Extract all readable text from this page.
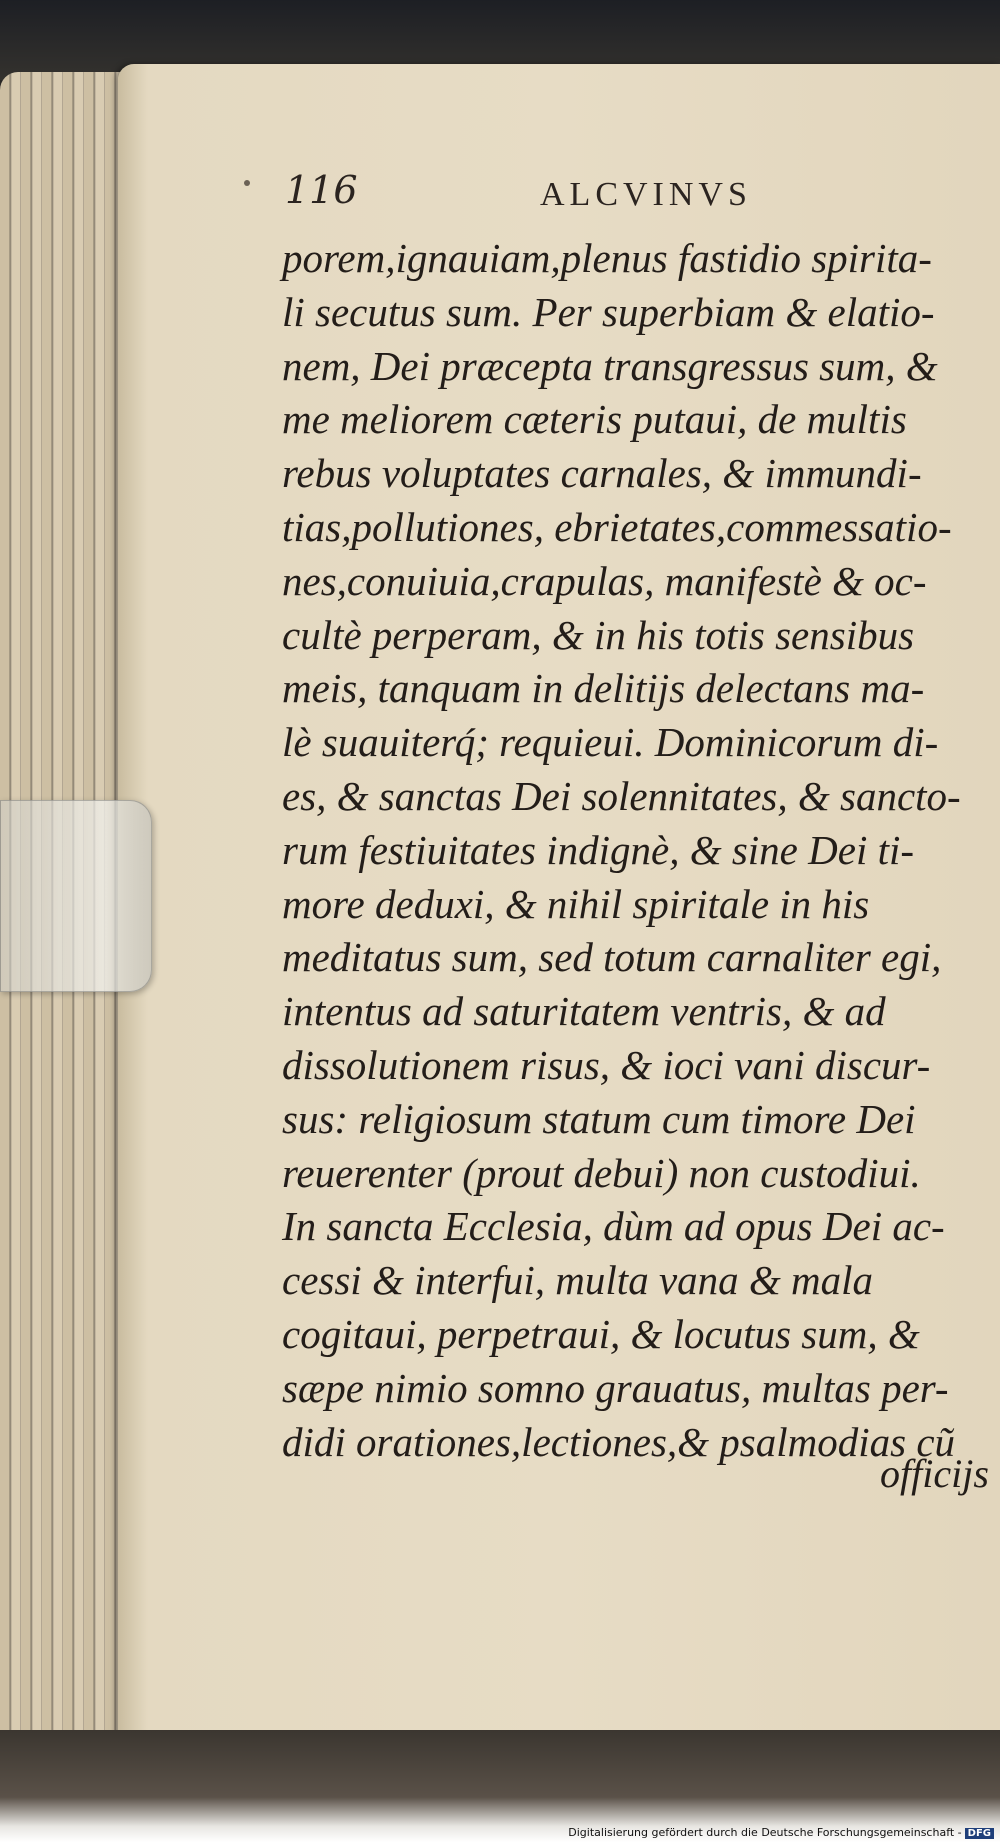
116	ALCVINVS
porem,ignauiam,plenus fastidio spirita-
li secutus sum. Per superbiam & elatio-
nem, Dei præcepta transgressus sum, &
me meliorem cæteris putaui, de multis
rebus voluptates carnales, & immundi-
tias,pollutiones, ebrietates,commessatio-
nes,conuiuia,crapulas, manifestè & oc-
cultè perperam, & in his totis sensibus
meis, tanquam in delitijs delectans ma-
lè suauiterq́; requieui. Dominicorum di-
es, & sanctas Dei solennitates, & sancto-
rum festiuitates indignè, & sine Dei ti-
more deduxi, & nihil spiritale in his
meditatus sum, sed totum carnaliter egi,
intentus ad saturitatem ventris, & ad
dissolutionem risus, & ioci vani discur-
sus: religiosum statum cum timore Dei
reuerenter (prout debui) non custodiui.
In sancta Ecclesia, dùm ad opus Dei ac-
cessi & interfui, multa vana & mala
cogitaui, perpetraui, & locutus sum, &
sæpe nimio somno grauatus, multas per-
didi orationes,lectiones,& psalmodias cũ
officijs
Digitalisierung gefördert durch die Deutsche Forschungsgemeinschaft - DFG
